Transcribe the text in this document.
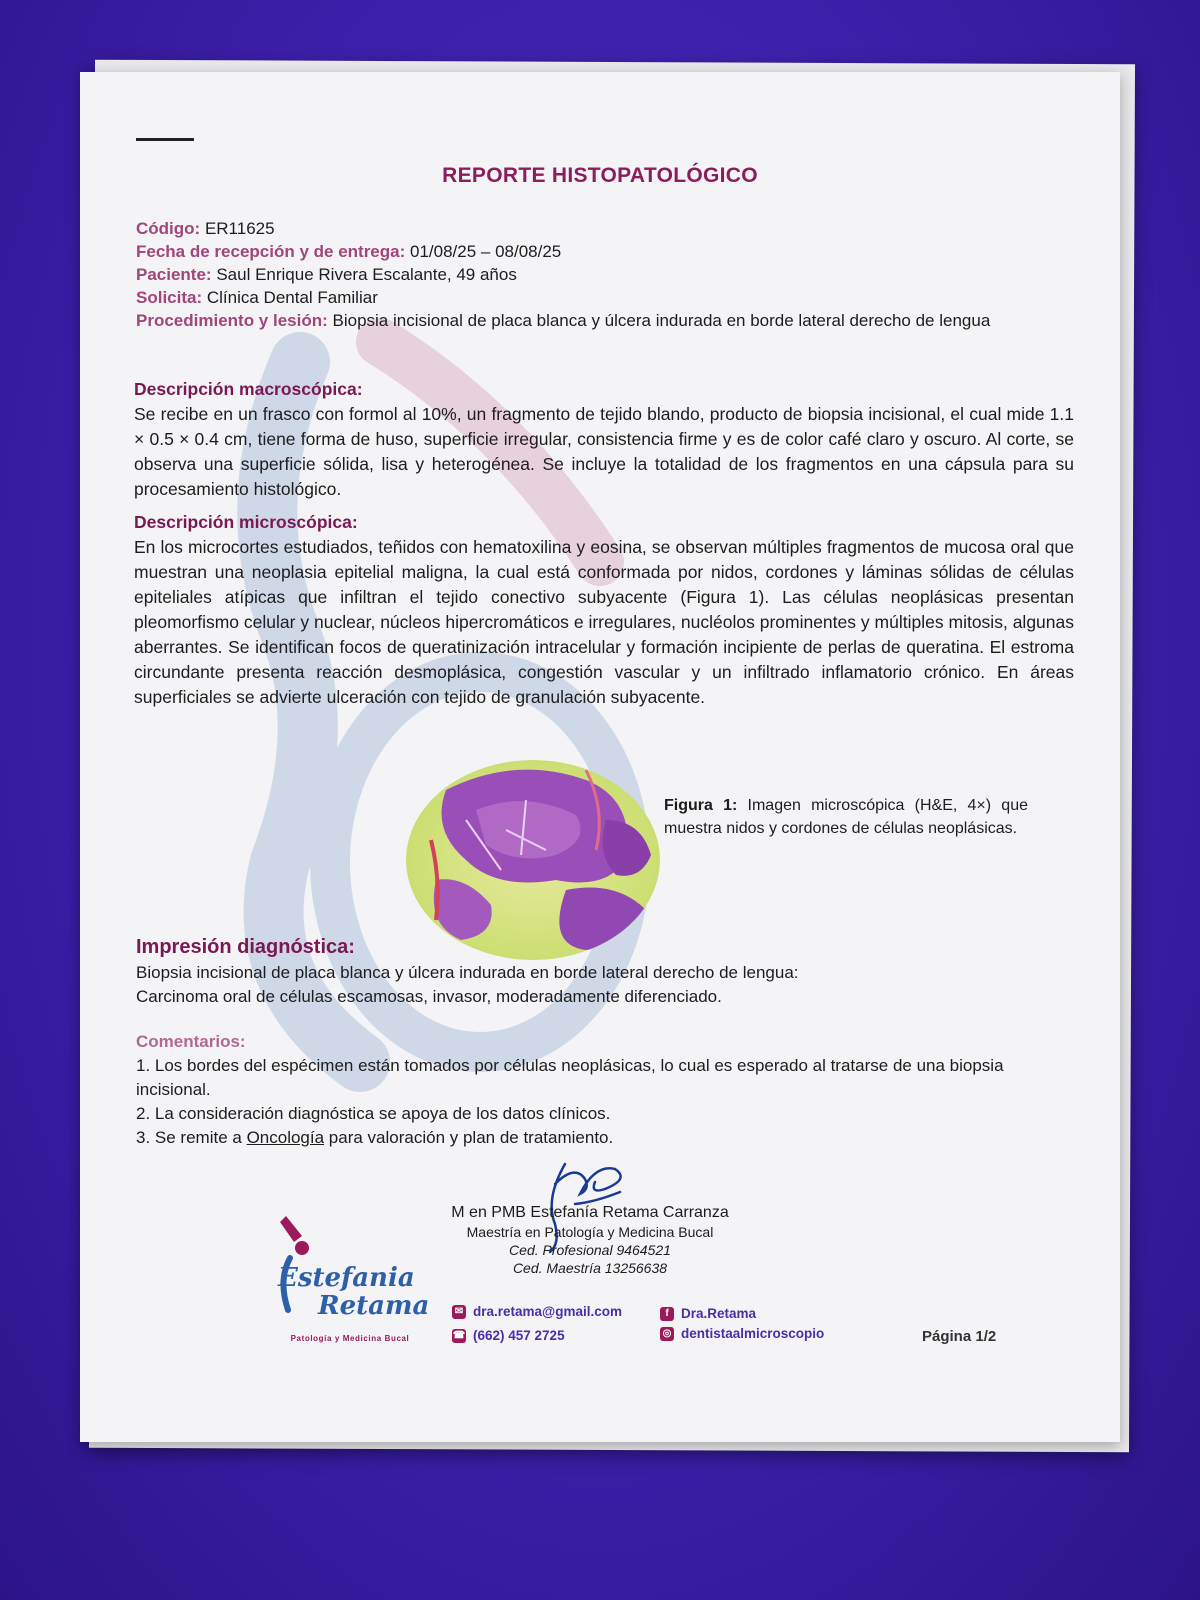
REPORTE HISTOPATOLÓGICO

Código: ER11625

Fecha de recepción y de entrega: 01/08/25 – 08/08/25

Paciente: Saul Enrique Rivera Escalante, 49 años

Solicita: Clínica Dental Familiar

Procedimiento y lesión: Biopsia incisional de placa blanca y úlcera indurada en borde lateral derecho de lengua

Descripción macroscópica:

Se recibe en un frasco con formol al 10%, un fragmento de tejido blando, producto de biopsia incisional, el cual mide 1.1 × 0.5 × 0.4 cm, tiene forma de huso, superficie irregular, consistencia firme y es de color café claro y oscuro. Al corte, se observa una superficie sólida, lisa y heterogénea. Se incluye la totalidad de los fragmentos en una cápsula para su procesamiento histológico.

Descripción microscópica:

En los microcortes estudiados, teñidos con hematoxilina y eosina, se observan múltiples fragmentos de mucosa oral que muestran una neoplasia epitelial maligna, la cual está conformada por nidos, cordones y láminas sólidas de células epiteliales atípicas que infiltran el tejido conectivo subyacente (Figura 1). Las células neoplásicas presentan pleomorfismo celular y nuclear, núcleos hipercromáticos e irregulares, nucléolos prominentes y múltiples mitosis, algunas aberrantes. Se identifican focos de queratinización intracelular y formación incipiente de perlas de queratina. El estroma circundante presenta reacción desmoplásica, congestión vascular y un infiltrado inflamatorio crónico. En áreas superficiales se advierte ulceración con tejido de granulación subyacente.

Figura 1: Imagen microscópica (H&E, 4×) que muestra nidos y cordones de células neoplásicas.

Impresión diagnóstica:

Biopsia incisional de placa blanca y úlcera indurada en borde lateral derecho de lengua:

Carcinoma oral de células escamosas, invasor, moderadamente diferenciado.

Comentarios:

1. Los bordes del espécimen están tomados por células neoplásicas, lo cual es esperado al tratarse de una biopsia incisional.

2. La consideración diagnóstica se apoya de los datos clínicos.

3. Se remite a Oncología para valoración y plan de tratamiento.

M en PMB Estefanía Retama Carranza

Maestría en Patología y Medicina Bucal

Ced. Profesional 9464521

Ced. Maestría 13256638

Estefania
Retama
Patología y Medicina Bucal
✉ dra.retama@gmail.com
☎ (662) 457 2725
f Dra.Retama
◎ dentistaalmicroscopio	Página 1/2
